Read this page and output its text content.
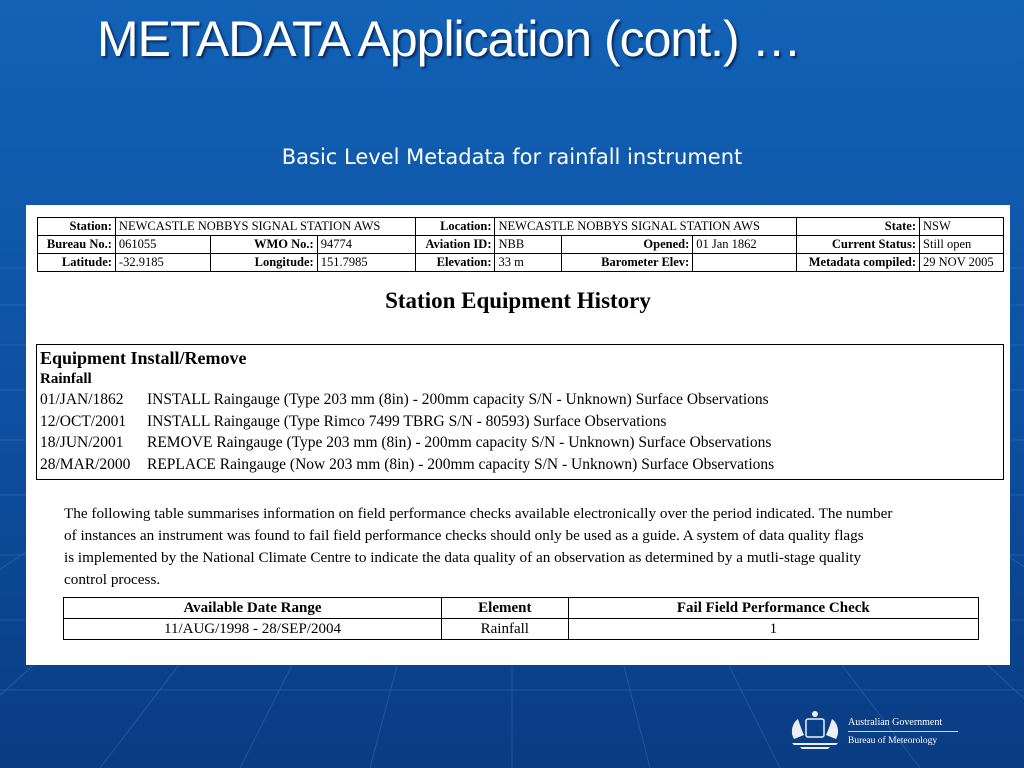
METADATA Application (cont.) …
Basic Level Metadata for rainfall instrument
Station:	NEWCASTLE NOBBYS SIGNAL STATION AWS			Location:	NEWCASTLE NOBBYS SIGNAL STATION AWS			State:	NSW
Bureau No.:	061055	WMO No.:	94774	Aviation ID:	NBB	Opened:	01 Jan 1862	Current Status:	Still open
Latitude:	-32.9185	Longitude:	151.7985	Elevation:	33 m	Barometer Elev:		Metadata compiled:	29 NOV 2005
Station Equipment History
Equipment Install/Remove
Rainfall
01/JAN/1862 INSTALL Raingauge (Type 203 mm (8in) - 200mm capacity S/N - Unknown) Surface Observations
12/OCT/2001 INSTALL Raingauge (Type Rimco 7499 TBRG S/N - 80593) Surface Observations
18/JUN/2001 REMOVE Raingauge (Type 203 mm (8in) - 200mm capacity S/N - Unknown) Surface Observations
28/MAR/2000 REPLACE Raingauge (Now 203 mm (8in) - 200mm capacity S/N - Unknown) Surface Observations
The following table summarises information on field performance checks available electronically over the period indicated. The number
of instances an instrument was found to fail field performance checks should only be used as a guide. A system of data quality flags
is implemented by the National Climate Centre to indicate the data quality of an observation as determined by a mutli-stage quality
control process.
Available Date Range	Element	Fail Field Performance Check
11/AUG/1998 - 28/SEP/2004	Rainfall	1
Australian Government
Bureau of Meteorology
